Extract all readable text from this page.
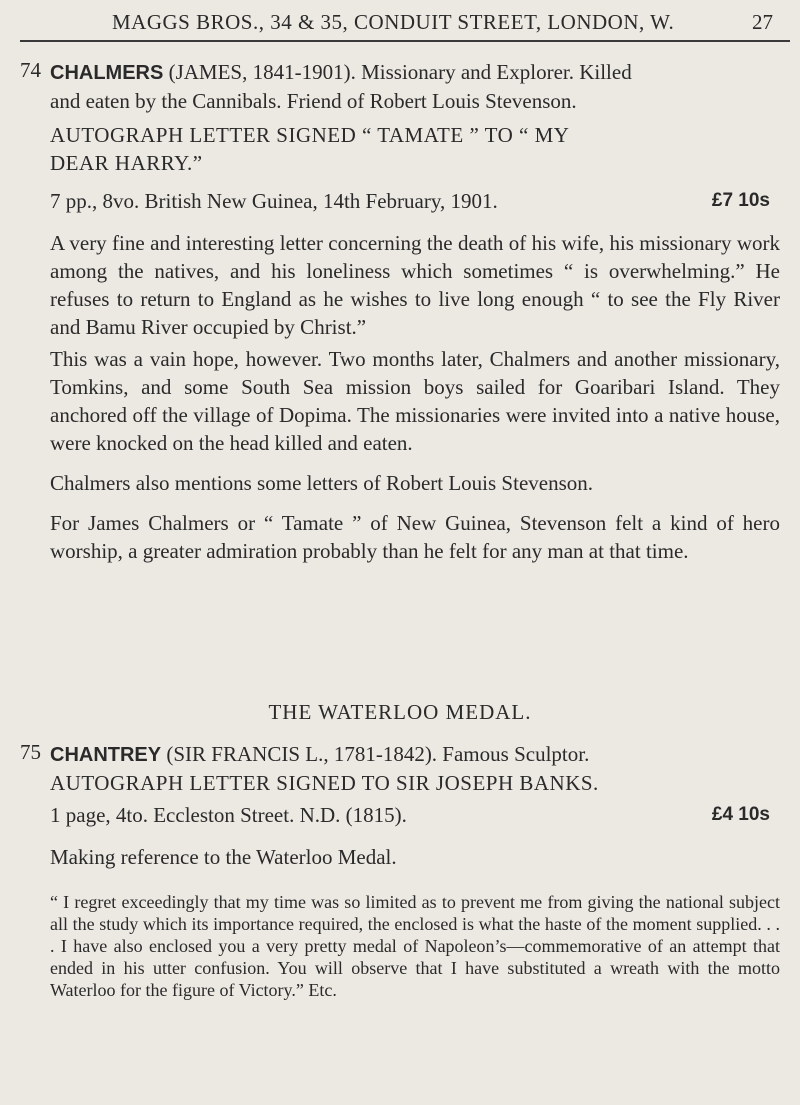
MAGGS BROS., 34 & 35, CONDUIT STREET, LONDON, W.	27
74 CHALMERS (JAMES, 1841-1901). Missionary and Explorer. Killed
and eaten by the Cannibals. Friend of Robert Louis Stevenson.
AUTOGRAPH LETTER SIGNED “ TAMATE ” TO “ MY
DEAR HARRY.”
7 pp., 8vo. British New Guinea, 14th February, 1901.	£7 10s

A very fine and interesting letter concerning the death of his wife, his missionary work among the natives, and his loneliness which sometimes “ is overwhelming.” He refuses to return to England as he wishes to live long enough “ to see the Fly River and Bamu River occupied by Christ.”

This was a vain hope, however. Two months later, Chalmers and another missionary, Tomkins, and some South Sea mission boys sailed for Goaribari Island. They anchored off the village of Dopima. The missionaries were invited into a native house, were knocked on the head killed and eaten.

Chalmers also mentions some letters of Robert Louis Stevenson.

For James Chalmers or “ Tamate ” of New Guinea, Stevenson felt a kind of hero worship, a greater admiration probably than he felt for any man at that time.

THE WATERLOO MEDAL.
75 CHANTREY (SIR FRANCIS L., 1781-1842). Famous Sculptor.
AUTOGRAPH LETTER SIGNED TO SIR JOSEPH BANKS.
1 page, 4to. Eccleston Street. N.D. (1815).	£4 10s

Making reference to the Waterloo Medal.

“ I regret exceedingly that my time was so limited as to prevent me from giving the national subject all the study which its importance required, the enclosed is what the haste of the moment supplied. . . . I have also enclosed you a very pretty medal of Napoleon’s—commemorative of an attempt that ended in his utter confusion. You will observe that I have substituted a wreath with the motto Waterloo for the figure of Victory.” Etc.
